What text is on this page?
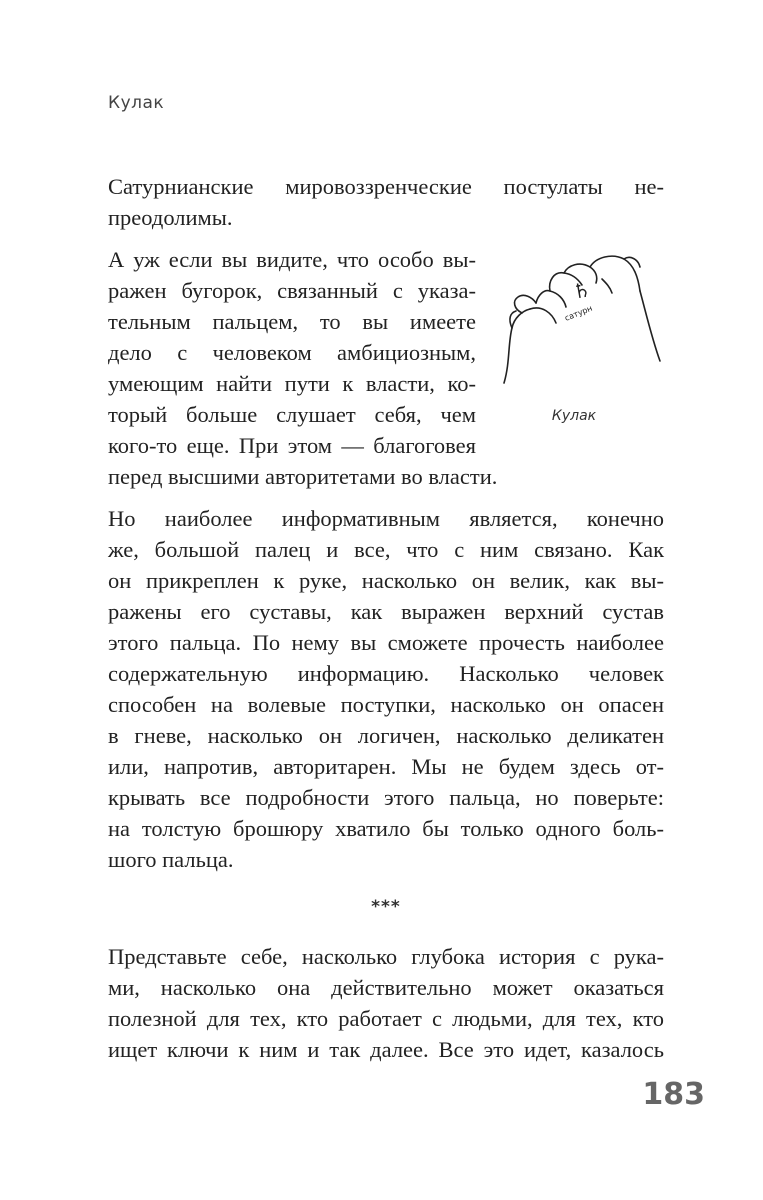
Кулак
Сатурнианские мировоззренческие постулаты не-
преодолимы.
А уж если вы видите, что особо вы-
ражен бугорок, связанный с указа-
тельным пальцем, то вы имеете
дело с человеком амбициозным,
умеющим найти пути к власти, ко-
торый больше слушает себя, чем
кого-то еще. При этом — благоговея
перед высшими авторитетами во власти.
♄
сатурн
Кулак
Но наиболее информативным является, конечно
же, большой палец и все, что с ним связано. Как
он прикреплен к руке, насколько он велик, как вы-
ражены его суставы, как выражен верхний сустав
этого пальца. По нему вы сможете прочесть наиболее
содержательную информацию. Насколько человек
способен на волевые поступки, насколько он опасен
в гневе, насколько он логичен, насколько деликатен
или, напротив, авторитарен. Мы не будем здесь от-
крывать все подробности этого пальца, но поверьте:
на толстую брошюру хватило бы только одного боль-
шого пальца.
***
Представьте себе, насколько глубока история с рука-
ми, насколько она действительно может оказаться
полезной для тех, кто работает с людьми, для тех, кто
ищет ключи к ним и так далее. Все это идет, казалось
183
